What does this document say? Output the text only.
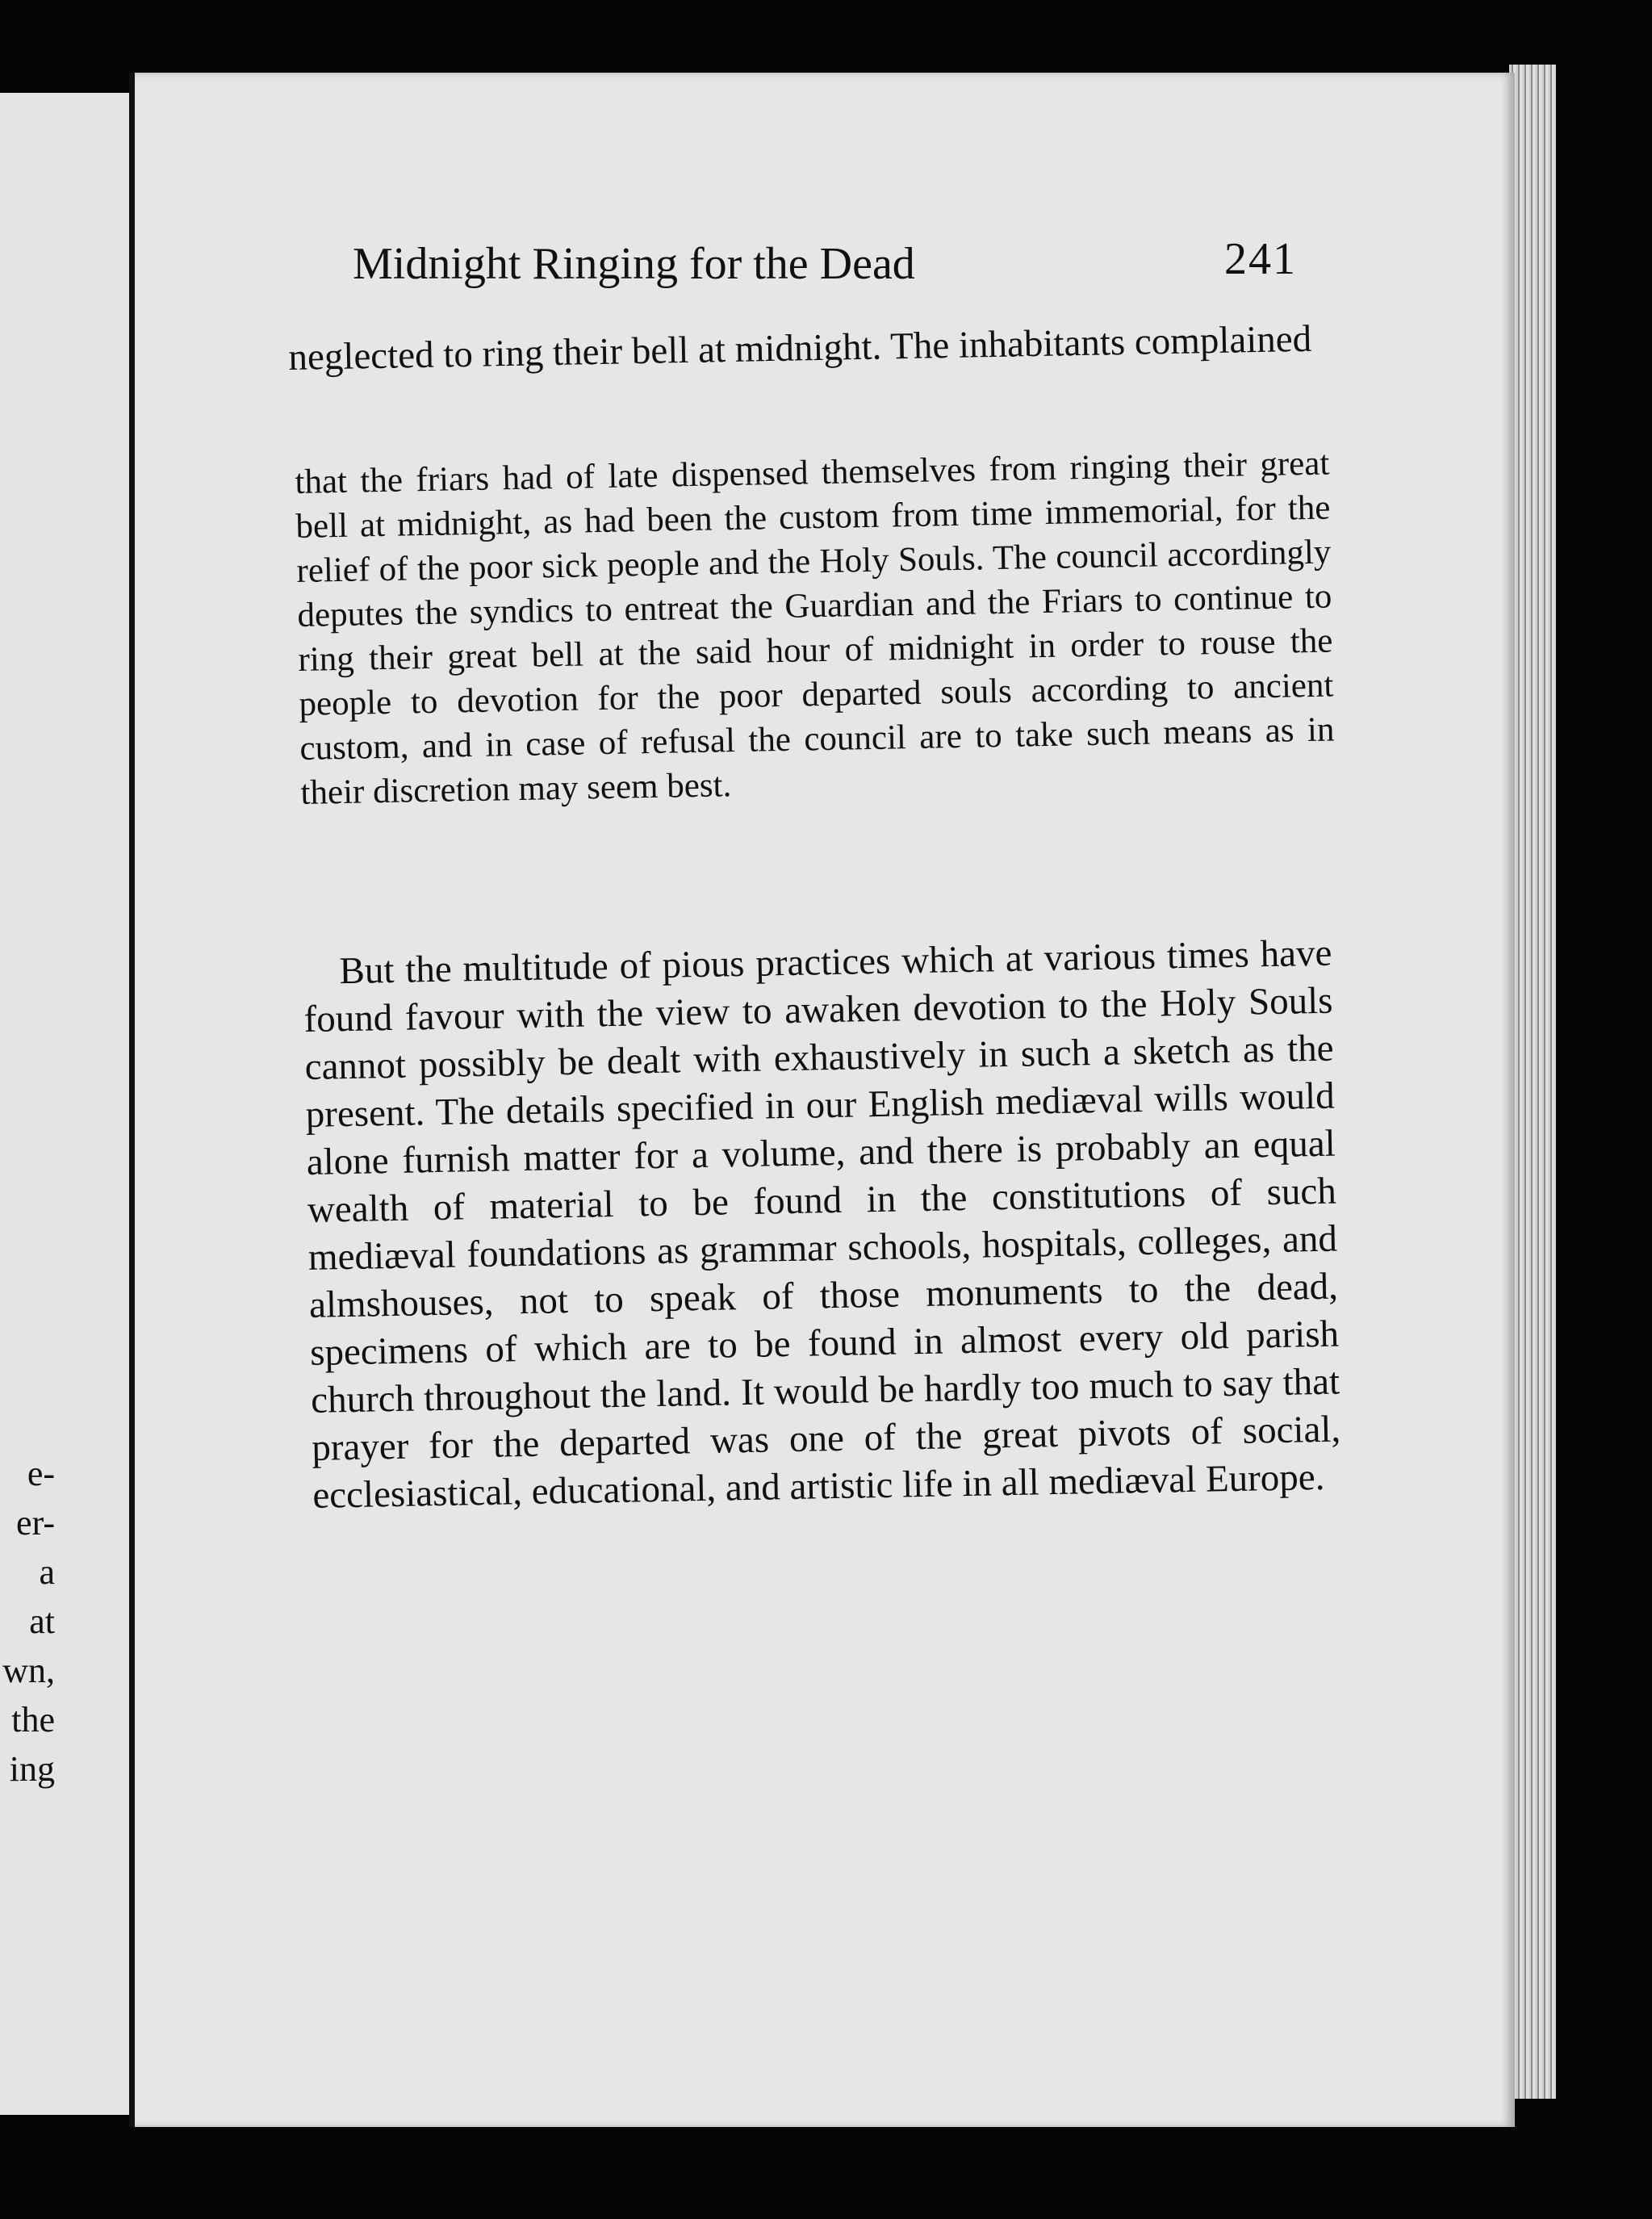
e-
er-
a
at
wn,
the
ing
Midnight Ringing for the Dead	241

neglected to ring their bell at midnight. The inhabitants complained

that the friars had of late dispensed themselves from ringing their great bell at midnight, as had been the custom from time immemorial, for the relief of the poor sick people and the Holy Souls. The council accordingly deputes the syndics to entreat the Guardian and the Friars to continue to ring their great bell at the said hour of midnight in order to rouse the people to devotion for the poor departed souls according to ancient custom, and in case of refusal the council are to take such means as in their discretion may seem best.

But the multitude of pious practices which at various times have found favour with the view to awaken devotion to the Holy Souls cannot possibly be dealt with exhaustively in such a sketch as the present. The details specified in our English mediæval wills would alone furnish matter for a volume, and there is probably an equal wealth of material to be found in the constitutions of such mediæval foundations as grammar schools, hospitals, colleges, and almshouses, not to speak of those monuments to the dead, specimens of which are to be found in almost every old parish church throughout the land. It would be hardly too much to say that prayer for the departed was one of the great pivots of social, ecclesiastical, educational, and artistic life in all mediæval Europe.
